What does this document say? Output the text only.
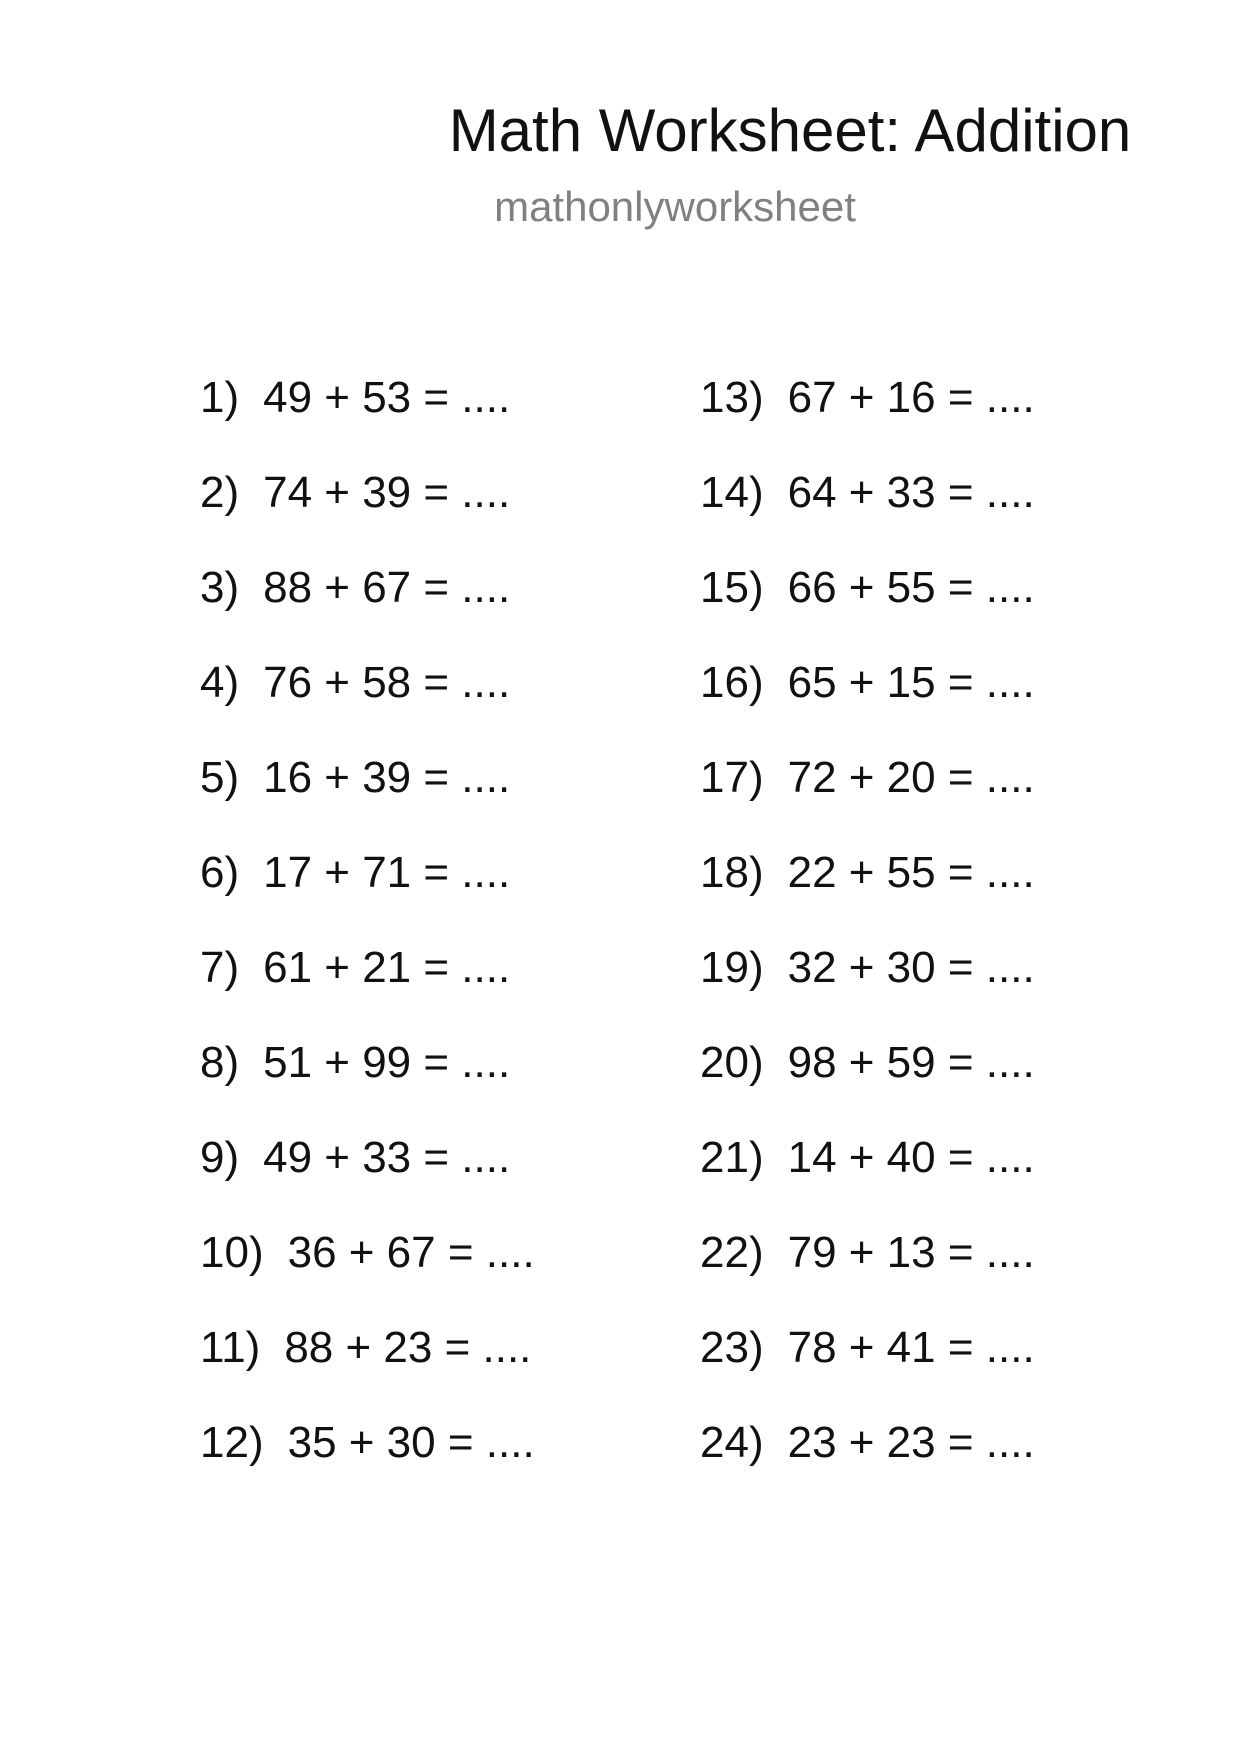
Math Worksheet: Addition
mathonlyworksheet
1) 49 + 53 = ....
2) 74 + 39 = ....
3) 88 + 67 = ....
4) 76 + 58 = ....
5) 16 + 39 = ....
6) 17 + 71 = ....
7) 61 + 21 = ....
8) 51 + 99 = ....
9) 49 + 33 = ....
10) 36 + 67 = ....
11) 88 + 23 = ....
12) 35 + 30 = ....
13) 67 + 16 = ....
14) 64 + 33 = ....
15) 66 + 55 = ....
16) 65 + 15 = ....
17) 72 + 20 = ....
18) 22 + 55 = ....
19) 32 + 30 = ....
20) 98 + 59 = ....
21) 14 + 40 = ....
22) 79 + 13 = ....
23) 78 + 41 = ....
24) 23 + 23 = ....
